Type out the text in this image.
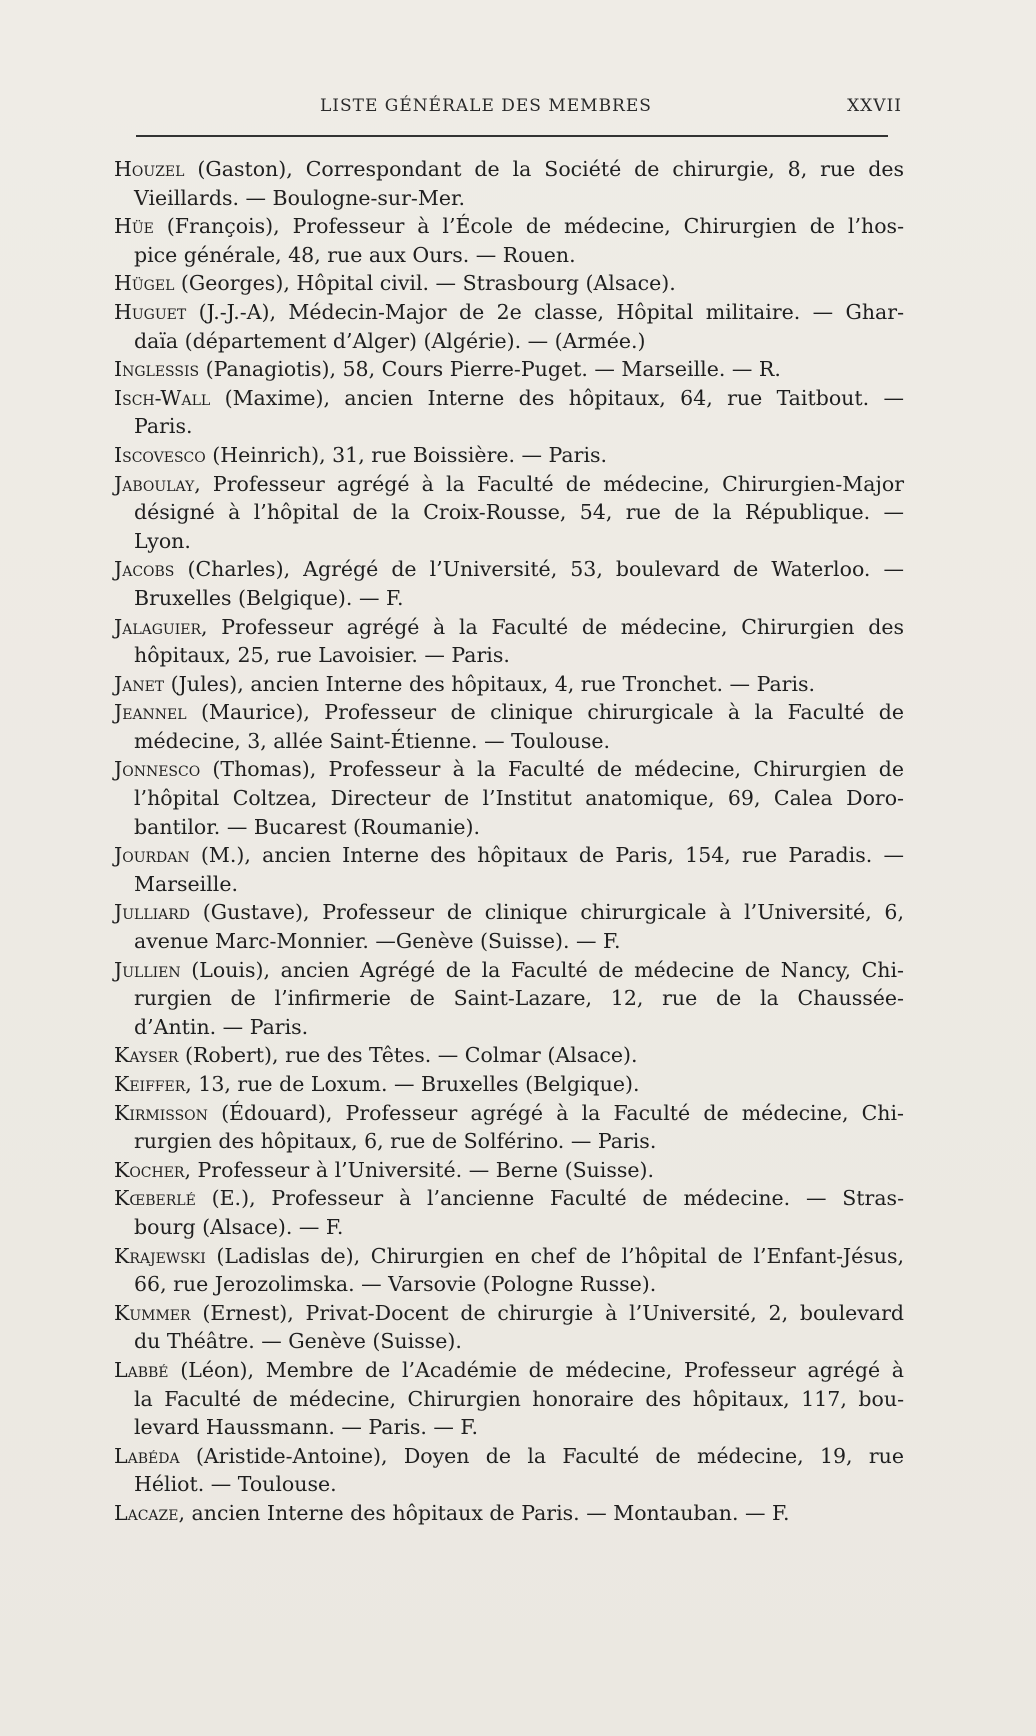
LISTE GÉNÉRALE DES MEMBRES	XXVII
Houzel (Gaston), Correspondant de la Société de chirurgie, 8, rue des
Vieillards. — Boulogne-sur-Mer.
Hüe (François), Professeur à l’École de médecine, Chirurgien de l’hos-
pice générale, 48, rue aux Ours. — Rouen.
Hügel (Georges), Hôpital civil. — Strasbourg (Alsace).
Huguet (J.-J.-A), Médecin-Major de 2e classe, Hôpital militaire. — Ghar-
daïa (département d’Alger) (Algérie). — (Armée.)
Inglessis (Panagiotis), 58, Cours Pierre-Puget. — Marseille. — R.
Isch-Wall (Maxime), ancien Interne des hôpitaux, 64, rue Taitbout. —
Paris.
Iscovesco (Heinrich), 31, rue Boissière. — Paris.
Jaboulay, Professeur agrégé à la Faculté de médecine, Chirurgien-Major
désigné à l’hôpital de la Croix-Rousse, 54, rue de la République. —
Lyon.
Jacobs (Charles), Agrégé de l’Université, 53, boulevard de Waterloo. —
Bruxelles (Belgique). — F.
Jalaguier, Professeur agrégé à la Faculté de médecine, Chirurgien des
hôpitaux, 25, rue Lavoisier. — Paris.
Janet (Jules), ancien Interne des hôpitaux, 4, rue Tronchet. — Paris.
Jeannel (Maurice), Professeur de clinique chirurgicale à la Faculté de
médecine, 3, allée Saint-Étienne. — Toulouse.
Jonnesco (Thomas), Professeur à la Faculté de médecine, Chirurgien de
l’hôpital Coltzea, Directeur de l’Institut anatomique, 69, Calea Doro-
bantilor. — Bucarest (Roumanie).
Jourdan (M.), ancien Interne des hôpitaux de Paris, 154, rue Paradis. —
Marseille.
Julliard (Gustave), Professeur de clinique chirurgicale à l’Université, 6,
avenue Marc-Monnier. —Genève (Suisse). — F.
Jullien (Louis), ancien Agrégé de la Faculté de médecine de Nancy, Chi-
rurgien de l’infirmerie de Saint-Lazare, 12, rue de la Chaussée-
d’Antin. — Paris.
Kayser (Robert), rue des Têtes. — Colmar (Alsace).
Keiffer, 13, rue de Loxum. — Bruxelles (Belgique).
Kirmisson (Édouard), Professeur agrégé à la Faculté de médecine, Chi-
rurgien des hôpitaux, 6, rue de Solférino. — Paris.
Kocher, Professeur à l’Université. — Berne (Suisse).
Kœberlé (E.), Professeur à l’ancienne Faculté de médecine. — Stras-
bourg (Alsace). — F.
Krajewski (Ladislas de), Chirurgien en chef de l’hôpital de l’Enfant-Jésus,
66, rue Jerozolimska. — Varsovie (Pologne Russe).
Kummer (Ernest), Privat-Docent de chirurgie à l’Université, 2, boulevard
du Théâtre. — Genève (Suisse).
Labbé (Léon), Membre de l’Académie de médecine, Professeur agrégé à
la Faculté de médecine, Chirurgien honoraire des hôpitaux, 117, bou-
levard Haussmann. — Paris. — F.
Labéda (Aristide-Antoine), Doyen de la Faculté de médecine, 19, rue
Héliot. — Toulouse.
Lacaze, ancien Interne des hôpitaux de Paris. — Montauban. — F.
